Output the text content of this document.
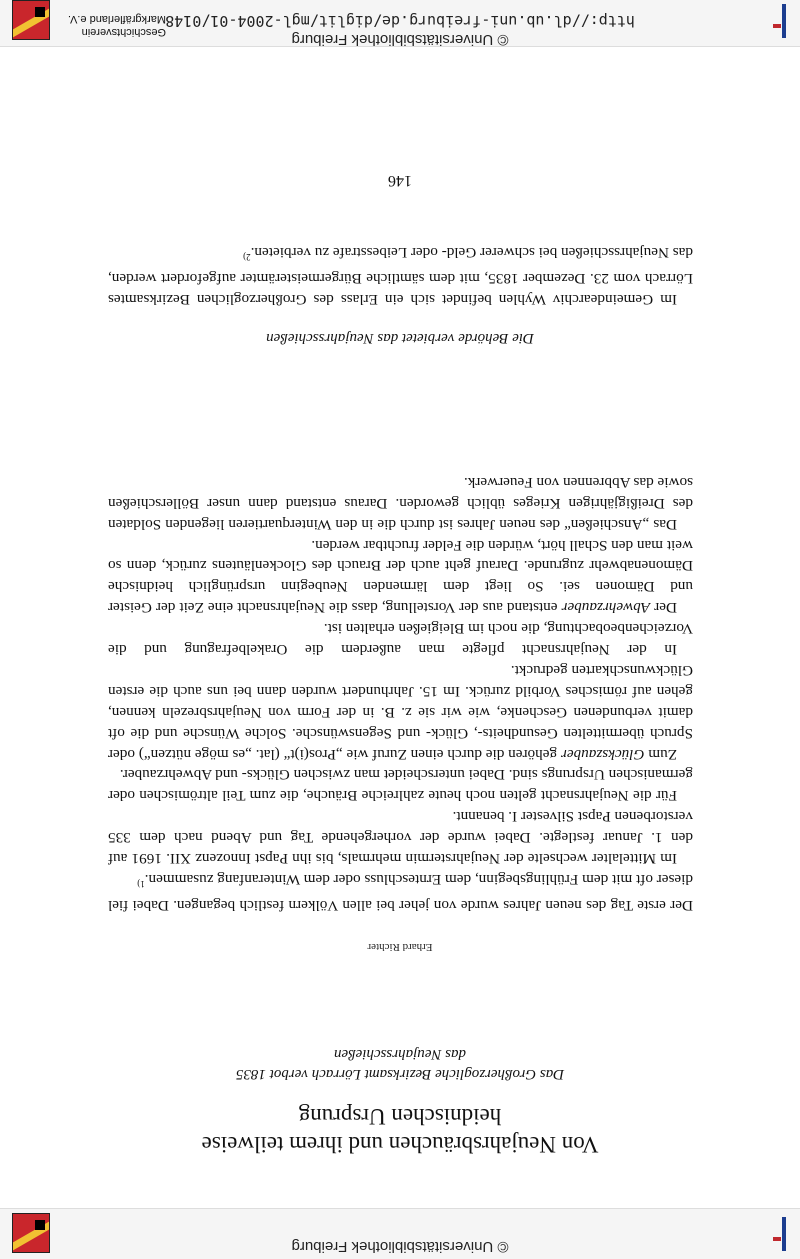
© Universitätsbibliothek Freiburg
Von Neujahrsbräuchen und ihrem teilweise
heidnischen Ursprung
Das Großherzogliche Bezirksamt Lörrach verbot 1835
das Neujahrsschießen
Erhard Richter

Der erste Tag des neuen Jahres wurde von jeher bei allen Völkern festlich begangen. Dabei fiel dieser oft mit dem Frühlingsbeginn, dem Ernteschluss oder dem Winteranfang zusammen.$^{1)}$

Im Mittelalter wechselte der Neujahrstermin mehrmals, bis ihn Papst Innozenz XII. 1691 auf den 1. Januar festlegte. Dabei wurde der vorhergehende Tag und Abend nach dem 335 verstorbenen Papst Silvester I. benannt.

Für die Neujahrsnacht gelten noch heute zahlreiche Bräuche, die zum Teil altrömischen oder germanischen Ursprungs sind. Dabei unterscheidet man zwischen Glücks- und Abwehrzauber.

Zum Glückszauber gehören die durch einen Zuruf wie „Pros(i)t“ (lat. „es möge nützen“) oder Spruch übermittelten Gesundheits-, Glück- und Segenswünsche. Solche Wünsche und die oft damit verbundenen Geschenke, wie wir sie z. B. in der Form von Neujahrsbrezeln kennen, gehen auf römisches Vorbild zurück. Im 15. Jahrhundert wurden dann bei uns auch die ersten Glückwunschkarten gedruckt.

In der Neujahrsnacht pflegte man außerdem die Orakelbefragung und die Vorzeichenbeobachtung, die noch im Bleigießen erhalten ist.

Der Abwehrzauber entstand aus der Vorstellung, dass die Neujahrsnacht eine Zeit der Geister und Dämonen sei. So liegt dem lärmenden Neubeginn ursprünglich heidnische Dämonenabwehr zugrunde. Darauf geht auch der Brauch des Glockenläutens zurück, denn so weit man den Schall hört, würden die Felder fruchtbar werden.

Das „Anschießen“ des neuen Jahres ist durch die in den Winterquartieren liegenden Soldaten des Dreißigjährigen Krieges üblich geworden. Daraus entstand dann unser Böllerschießen sowie das Abbrennen von Feuerwerk.

Die Behörde verbietet das Neujahrsschießen

Im Gemeindearchiv Wyhlen befindet sich ein Erlass des Großherzoglichen Bezirksamtes Lörrach vom 23. Dezember 1835, mit dem sämtliche Bürgermeisterämter aufgefordert werden, das Neujahrsschießen bei schwerer Geld- oder Leibesstrafe zu verbieten.$^{2)}$

146
© Universitätsbibliothek Freiburg
http://dl.ub.uni-freiburg.de/diglit/mgl-2004-01/0148
Geschichtsverein Markgräflerland e.V.
